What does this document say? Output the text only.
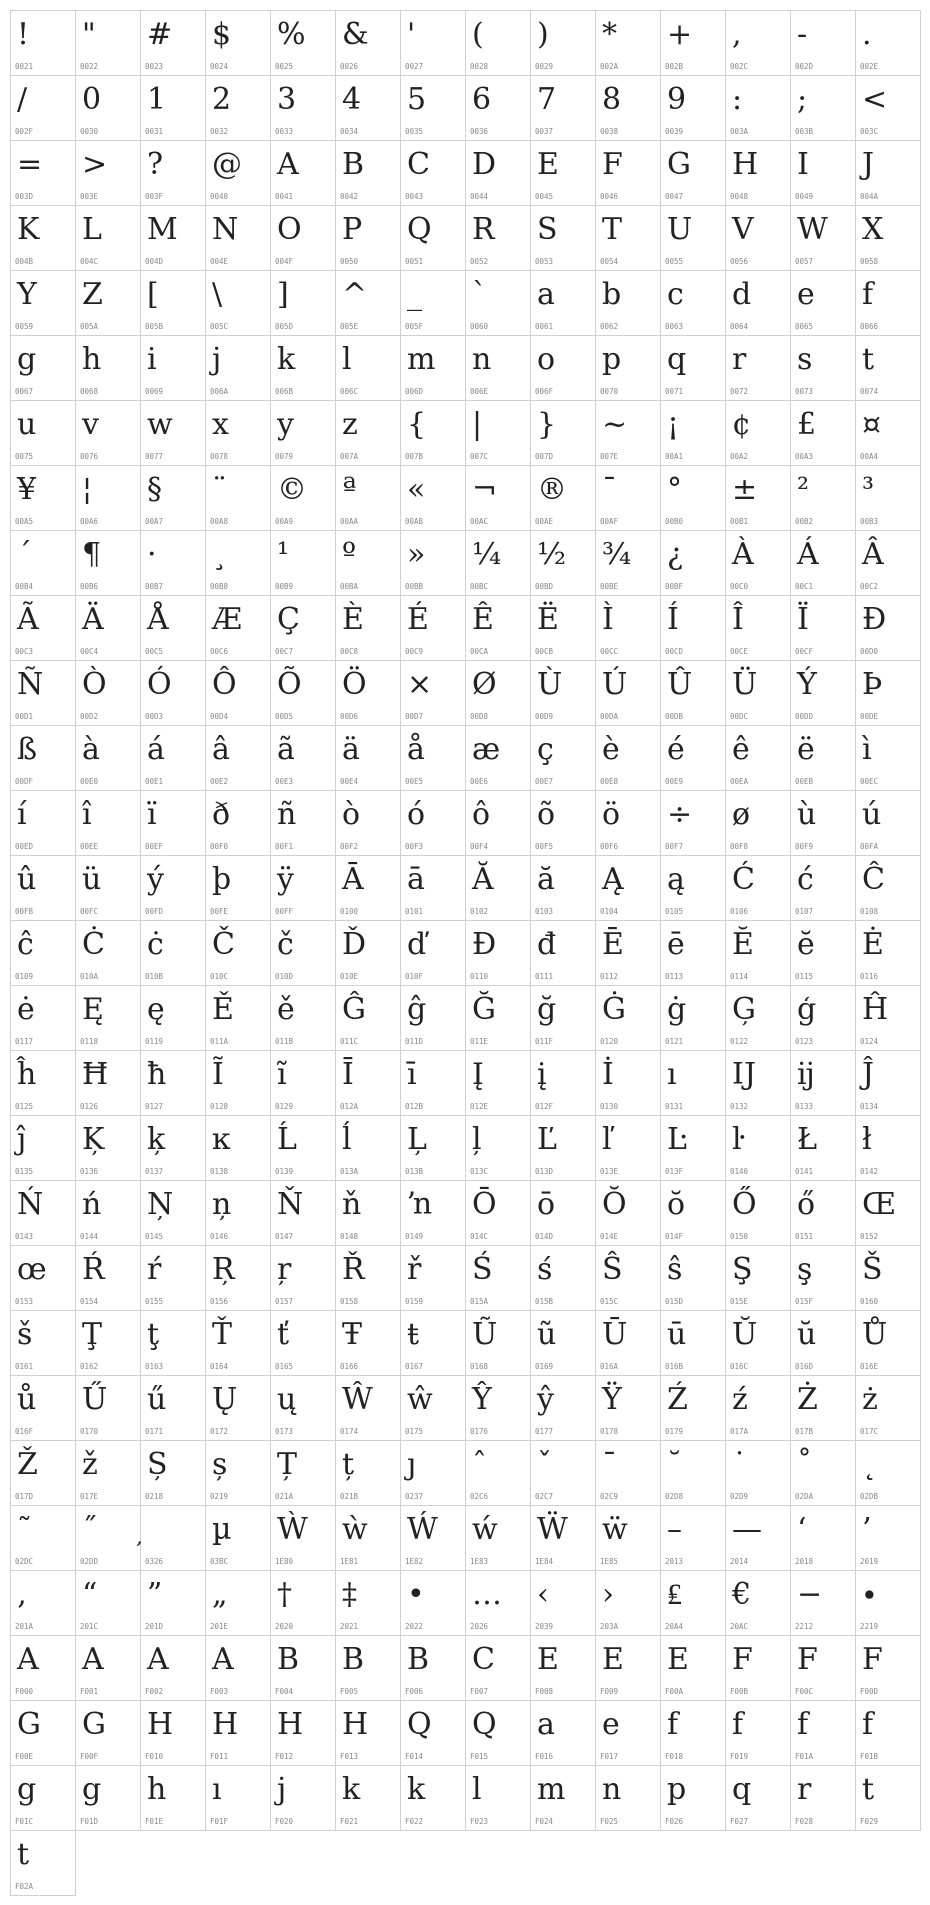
!
0021
"
0022
#
0023
$
0024
%
0025
&
0026
'
0027
(
0028
)
0029
*
002A
+
002B
,
002C
-
002D
.
002E
/
002F
0
0030
1
0031
2
0032
3
0033
4
0034
5
0035
6
0036
7
0037
8
0038
9
0039
:
003A
;
003B
<
003C
=
003D
>
003E
?
003F
@
0040
A
0041
B
0042
C
0043
D
0044
E
0045
F
0046
G
0047
H
0048
I
0049
J
004A
K
004B
L
004C
M
004D
N
004E
O
004F
P
0050
Q
0051
R
0052
S
0053
T
0054
U
0055
V
0056
W
0057
X
0058
Y
0059
Z
005A
[
005B
\
005C
]
005D
^
005E
_
005F
`
0060
a
0061
b
0062
c
0063
d
0064
e
0065
f
0066
g
0067
h
0068
i
0069
j
006A
k
006B
l
006C
m
006D
n
006E
o
006F
p
0070
q
0071
r
0072
s
0073
t
0074
u
0075
v
0076
w
0077
x
0078
y
0079
z
007A
{
007B
|
007C
}
007D
~
007E
¡
00A1
¢
00A2
£
00A3
¤
00A4
¥
00A5
¦
00A6
§
00A7
¨
00A8
©
00A9
ª
00AA
«
00AB
¬
00AC
®
00AE
¯
00AF
°
00B0
±
00B1
²
00B2
³
00B3
´
00B4
¶
00B6
·
00B7
¸
00B8
¹
00B9
º
00BA
»
00BB
¼
00BC
½
00BD
¾
00BE
¿
00BF
À
00C0
Á
00C1
Â
00C2
Ã
00C3
Ä
00C4
Å
00C5
Æ
00C6
Ç
00C7
È
00C8
É
00C9
Ê
00CA
Ë
00CB
Ì
00CC
Í
00CD
Î
00CE
Ï
00CF
Ð
00D0
Ñ
00D1
Ò
00D2
Ó
00D3
Ô
00D4
Õ
00D5
Ö
00D6
×
00D7
Ø
00D8
Ù
00D9
Ú
00DA
Û
00DB
Ü
00DC
Ý
00DD
Þ
00DE
ß
00DF
à
00E0
á
00E1
â
00E2
ã
00E3
ä
00E4
å
00E5
æ
00E6
ç
00E7
è
00E8
é
00E9
ê
00EA
ë
00EB
ì
00EC
í
00ED
î
00EE
ï
00EF
ð
00F0
ñ
00F1
ò
00F2
ó
00F3
ô
00F4
õ
00F5
ö
00F6
÷
00F7
ø
00F8
ù
00F9
ú
00FA
û
00FB
ü
00FC
ý
00FD
þ
00FE
ÿ
00FF
Ā
0100
ā
0101
Ă
0102
ă
0103
Ą
0104
ą
0105
Ć
0106
ć
0107
Ĉ
0108
ĉ
0109
Ċ
010A
ċ
010B
Č
010C
č
010D
Ď
010E
ď
010F
Đ
0110
đ
0111
Ē
0112
ē
0113
Ĕ
0114
ĕ
0115
Ė
0116
ė
0117
Ę
0118
ę
0119
Ě
011A
ě
011B
Ĝ
011C
ĝ
011D
Ğ
011E
ğ
011F
Ġ
0120
ġ
0121
Ģ
0122
ģ
0123
Ĥ
0124
ĥ
0125
Ħ
0126
ħ
0127
Ĩ
0128
ĩ
0129
Ī
012A
ī
012B
Į
012E
į
012F
İ
0130
ı
0131
Ĳ
0132
ĳ
0133
Ĵ
0134
ĵ
0135
Ķ
0136
ķ
0137
ĸ
0138
Ĺ
0139
ĺ
013A
Ļ
013B
ļ
013C
Ľ
013D
ľ
013E
Ŀ
013F
ŀ
0140
Ł
0141
ł
0142
Ń
0143
ń
0144
Ņ
0145
ņ
0146
Ň
0147
ň
0148
ŉ
0149
Ō
014C
ō
014D
Ŏ
014E
ŏ
014F
Ő
0150
ő
0151
Œ
0152
œ
0153
Ŕ
0154
ŕ
0155
Ŗ
0156
ŗ
0157
Ř
0158
ř
0159
Ś
015A
ś
015B
Ŝ
015C
ŝ
015D
Ş
015E
ş
015F
Š
0160
š
0161
Ţ
0162
ţ
0163
Ť
0164
ť
0165
Ŧ
0166
ŧ
0167
Ũ
0168
ũ
0169
Ū
016A
ū
016B
Ŭ
016C
ŭ
016D
Ů
016E
ů
016F
Ű
0170
ű
0171
Ų
0172
ų
0173
Ŵ
0174
ŵ
0175
Ŷ
0176
ŷ
0177
Ÿ
0178
Ź
0179
ź
017A
Ż
017B
ż
017C
Ž
017D
ž
017E
Ș
0218
ș
0219
Ț
021A
ț
021B
ȷ
0237
ˆ
02C6
ˇ
02C7
ˉ
02C9
˘
02D8
˙
02D9
˚
02DA
˛
02DB
˜
02DC
˝
02DD	0326
µ
03BC
Ẁ
1E80
ẁ
1E81
Ẃ
1E82
ẃ
1E83
Ẅ
1E84
ẅ
1E85
–
2013
—
2014
‘
2018
’
2019
‚
201A
“
201C
”
201D
„
201E
†
2020
‡
2021
•
2022
…
2026
‹
2039
›
203A
₤
20A4
€
20AC
−
2212
∙
2219
A
F000
A
F001
A
F002
A
F003
B
F004
B
F005
B
F006
C
F007
E
F008
E
F009
E
F00A
F
F00B
F
F00C
F
F00D
G
F00E
G
F00F
H
F010
H
F011
H
F012
H
F013
Q
F014
Q
F015
a
F016
e
F017
f
F018
f
F019
f
F01A
f
F01B
g
F01C
g
F01D
h
F01E
ı
F01F
j
F020
k
F021
k
F022
l
F023
m
F024
n
F025
p
F026
q
F027
r
F028
t
F029
t
F02A
